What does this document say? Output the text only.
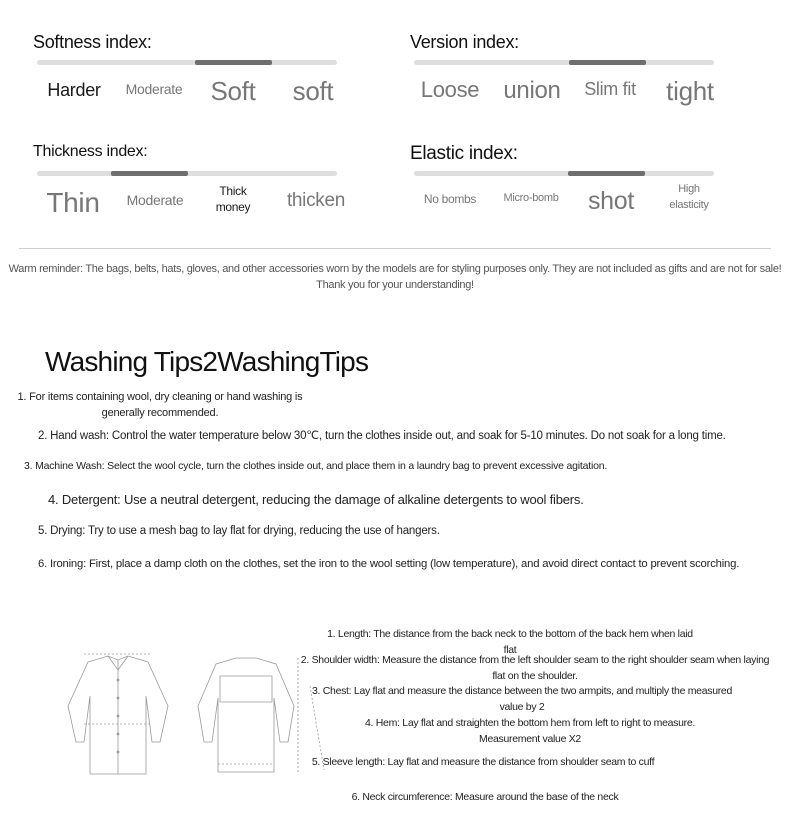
Softness index:
Harder	Moderate	Soft	soft
Version index:
Loose	union	Slim fit	tight
Thickness index:
Thin	Moderate
Thick money	thicken
Elastic index:
No bombs	Micro-bomb	shot	High elasticity
Warm reminder: The bags, belts, hats, gloves, and other accessories worn by the models are for styling purposes only. They are not included as gifts and are not for sale! Thank you for your understanding!
Washing Tips2WashingTips
1. For items containing wool, dry cleaning or hand washing is generally recommended.
2. Hand wash: Control the water temperature below 30℃, turn the clothes inside out, and soak for 5-10 minutes. Do not soak for a long time.
3. Machine Wash: Select the wool cycle, turn the clothes inside out, and place them in a laundry bag to prevent excessive agitation.
4. Detergent: Use a neutral detergent, reducing the damage of alkaline detergents to wool fibers.
5. Drying: Try to use a mesh bag to lay flat for drying, reducing the use of hangers.
6. Ironing: First, place a damp cloth on the clothes, set the iron to the wool setting (low temperature), and avoid direct contact to prevent scorching.
1. Length: The distance from the back neck to the bottom of the back hem when laid flat
2. Shoulder width: Measure the distance from the left shoulder seam to the right shoulder seam when laying flat on the shoulder.
3. Chest: Lay flat and measure the distance between the two armpits, and multiply the measured value by 2
4. Hem: Lay flat and straighten the bottom hem from left to right to measure. Measurement value X2
5. Sleeve length: Lay flat and measure the distance from shoulder seam to cuff
6. Neck circumference: Measure around the base of the neck
